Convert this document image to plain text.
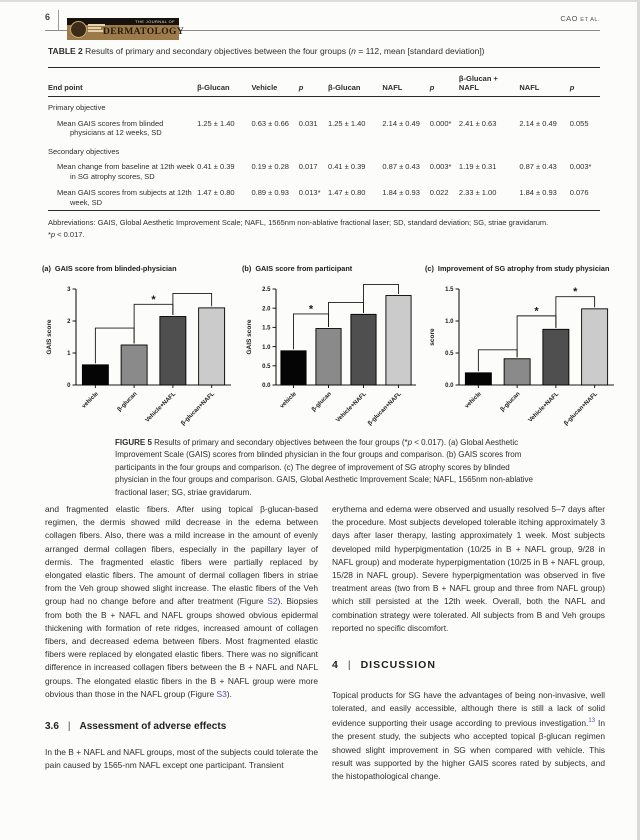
6	THE JOURNAL OF
DERMATOLOGY
CAO ET AL.
TABLE 2 Results of primary and secondary objectives between the four groups (n = 112, mean [standard deviation])
End point	β-Glucan	Vehicle	p	β-Glucan	NAFL	p	β-Glucan + NAFL	NAFL	p
Primary objective									
Mean GAIS scores from blinded physicians at 12 weeks, SD	1.25 ± 1.40	0.63 ± 0.66	0.031	1.25 ± 1.40	2.14 ± 0.49	0.000*	2.41 ± 0.63	2.14 ± 0.49	0.055
Secondary objectives									
Mean change from baseline at 12th week in SG atrophy scores, SD	0.41 ± 0.39	0.19 ± 0.28	0.017	0.41 ± 0.39	0.87 ± 0.43	0.003*	1.19 ± 0.31	0.87 ± 0.43	0.003*
Mean GAIS scores from subjects at 12th week, SD	1.47 ± 0.80	0.89 ± 0.93	0.013*	1.47 ± 0.80	1.84 ± 0.93	0.022	2.33 ± 1.00	1.84 ± 0.93	0.076
Abbreviations: GAIS, Global Aesthetic Improvement Scale; NAFL, 1565nm non-ablative fractional laser; SD, standard deviation; SG, striae gravidarum.
*p < 0.017.
(a) GAIS score from blinded-physician
0
1
2
3
GAIS score
vehicle	β-glucan Vehicle+NAFL β-glucan+NAFL
*
(b) GAIS score from participant
0.0
0.5
1.0
1.5
2.0
2.5
GAIS score
vehicle β-glucan Vehicle+NAFL β-glucan+NAFL
*
(c) Improvement of SG atrophy from study physician
0.0
0.5
1.0
1.5
score
vehicle	β-glucan Vehicle+NAFL β-glucan+NAFL
*
*
FIGURE 5 Results of primary and secondary objectives between the four groups (*p < 0.017). (a) Global Aesthetic Improvement Scale (GAIS) scores from blinded physician in the four groups and comparison. (b) GAIS scores from participants in the four groups and comparison. (c) The degree of improvement of SG atrophy scores by blinded physician in the four groups and comparison. GAIS, Global Aesthetic Improvement Scale; NAFL, 1565nm non-ablative fractional laser; SG, striae gravidarum.
and fragmented elastic fibers. After using topical β-glucan-based regimen, the dermis showed mild decrease in the edema between collagen fibers. Also, there was a mild increase in the amount of evenly arranged dermal collagen fibers, especially in the papillary layer of dermis. The fragmented elastic fibers were partially replaced by elongated elastic fibers. The amount of dermal collagen fibers in striae from the Veh group showed slight increase. The elastic fibers of the Veh group had no change before and after treatment (Figure S2). Biopsies from both the B + NAFL and NAFL groups showed obvious epidermal thickening with formation of rete ridges, increased amount of collagen fibers, and decreased edema between fibers. Most fragmented elastic fibers were replaced by elongated elastic fibers. There was no significant difference in increased collagen fibers between the B + NAFL and NAFL groups. The elongated elastic fibers in the B + NAFL group were more obvious than those in the NAFL group (Figure S3).
3.6 | Assessment of adverse effects
In the B + NAFL and NAFL groups, most of the subjects could tolerate the pain caused by 1565-nm NAFL except one participant. Transient
erythema and edema were observed and usually resolved 5–7 days after the procedure. Most subjects developed tolerable itching approximately 3 days after laser therapy, lasting approximately 1 week. Most subjects developed mild hyperpigmentation (10/25 in B + NAFL group, 9/28 in NAFL group) and moderate hyperpigmentation (10/25 in B + NAFL group, 15/28 in NAFL group). Severe hyperpigmentation was observed in five treatment areas (two from B + NAFL group and three from NAFL group) which still persisted at the 12th week. Overall, both the NAFL and combination strategy were tolerated. All subjects from B and Veh groups reported no specific discomfort.
4 | DISCUSSION
Topical products for SG have the advantages of being non-invasive, well tolerated, and easily accessible, although there is still a lack of solid evidence supporting their usage according to previous investigation.$^{13}$ In the present study, the subjects who accepted topical β-glucan regimen showed slight improvement in SG when compared with vehicle. This result was supported by the higher GAIS scores rated by subjects, and the histopathological change.
